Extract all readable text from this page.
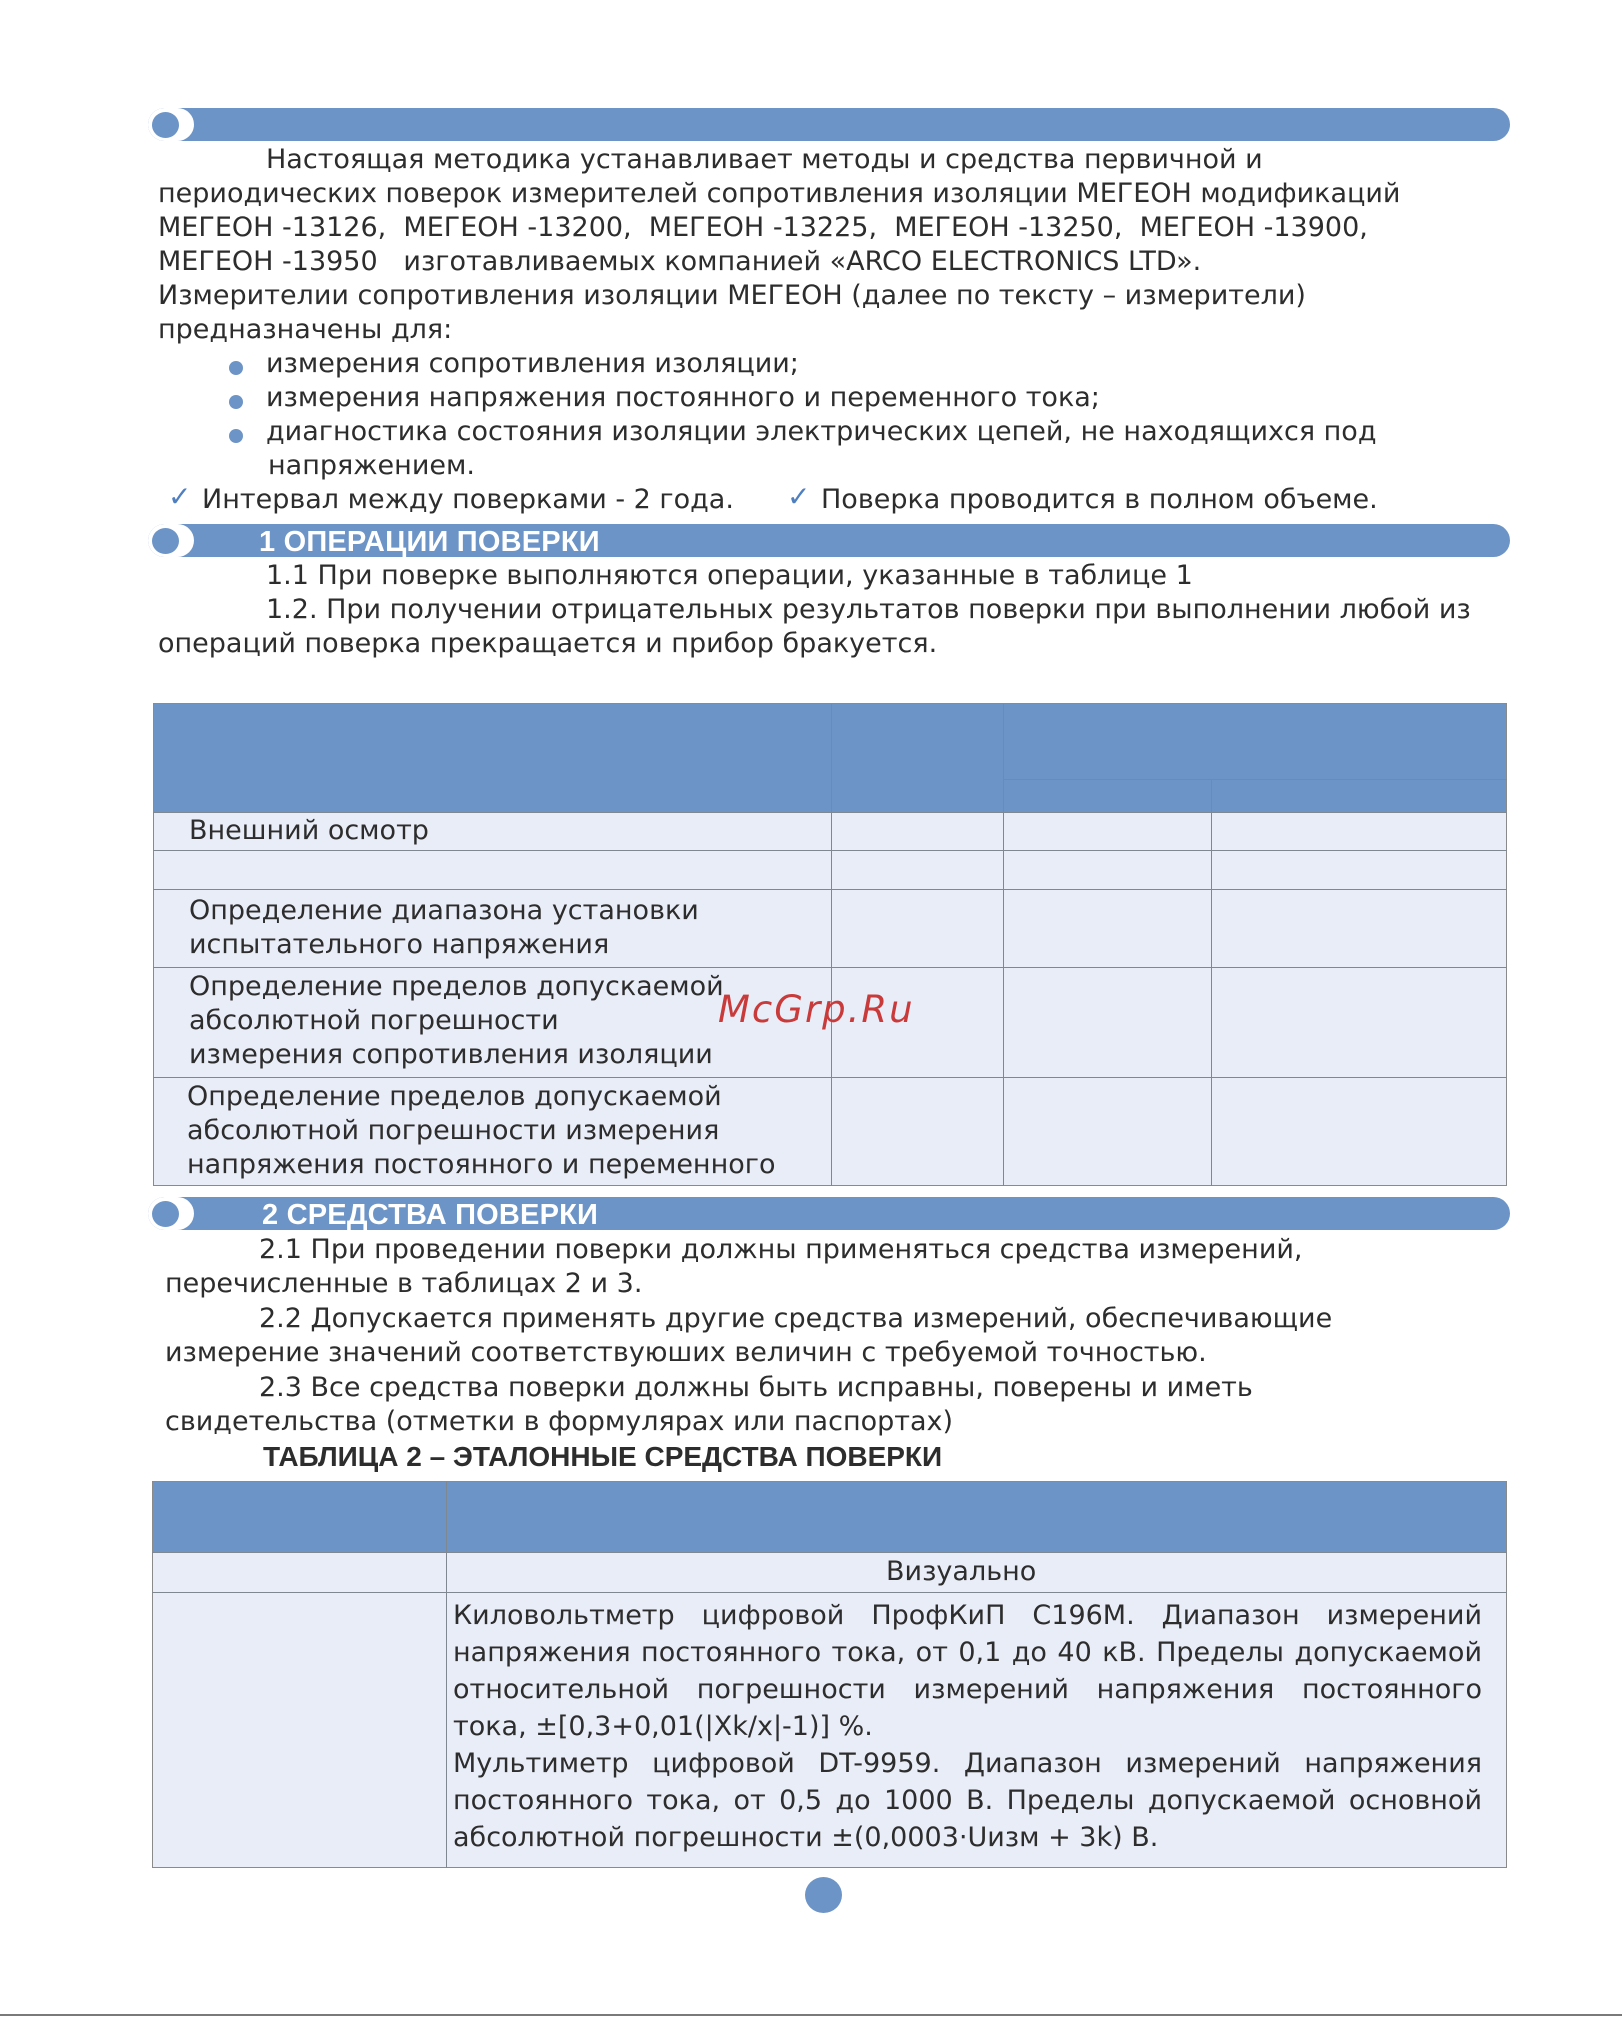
Настоящая методика устанавливает методы и средства первичной и
периодических поверок измерителей сопротивления изоляции МЕГЕОН модификаций
МЕГЕОН -13126,  МЕГЕОН -13200,  МЕГЕОН -13225,  МЕГЕОН -13250,  МЕГЕОН -13900,
МЕГЕОН -13950   изготавливаемых компанией «ARCO ELECTRONICS LTD».
Измерителии сопротивления изоляции МЕГЕОН (далее по тексту – измерители)
предназначены для:
измерения сопротивления изоляции;
измерения напряжения постоянного и переменного тока;
диагностика состояния изоляции электрических цепей, не находящихся под
напряжением.
✓ Интервал между поверками - 2 года. ✓ Поверка проводится в полном объеме.
1 ОПЕРАЦИИ ПОВЕРКИ
1.1 При поверке выполняются операции, указанные в таблице 1
1.2. При получении отрицательных результатов поверки при выполнении любой из
операций поверка прекращается и прибор бракуется.
Внешний осмотр
Определение диапазона установки
испытательного напряжения
Определение пределов допускаемой
абсолютной погрешности
измерения сопротивления изоляции
Определение пределов допускаемой
абсолютной погрешности измерения
напряжения постоянного и переменного
McGrp.Ru
2 СРЕДСТВА ПОВЕРКИ
2.1 При проведении поверки должны применяться средства измерений,
перечисленные в таблицах 2 и 3.
2.2 Допускается применять другие средства измерений, обеспечивающие
измерение значений соответствуюших величин с требуемой точностью.
2.3 Все средства поверки должны быть исправны, поверены и иметь
свидетельства (отметки в формулярах или паспортах)
ТАБЛИЦА 2 – ЭТАЛОННЫЕ СРЕДСТВА ПОВЕРКИ
Визуально
Киловольтметр цифровой ПрофКиП С196М. Диапазон измерений
напряжения постоянного тока, от 0,1 до 40 кВ. Пределы допускаемой
относительной погрешности измерений напряжения постоянного
тока, ±[0,3+0,01(|Xk/x|-1)] %.
Мультиметр цифровой DT-9959. Диапазон измерений напряжения
постоянного тока, от 0,5 до 1000 В. Пределы допускаемой основной
абсолютной погрешности ±(0,0003⋅Uизм + 3k) В.
